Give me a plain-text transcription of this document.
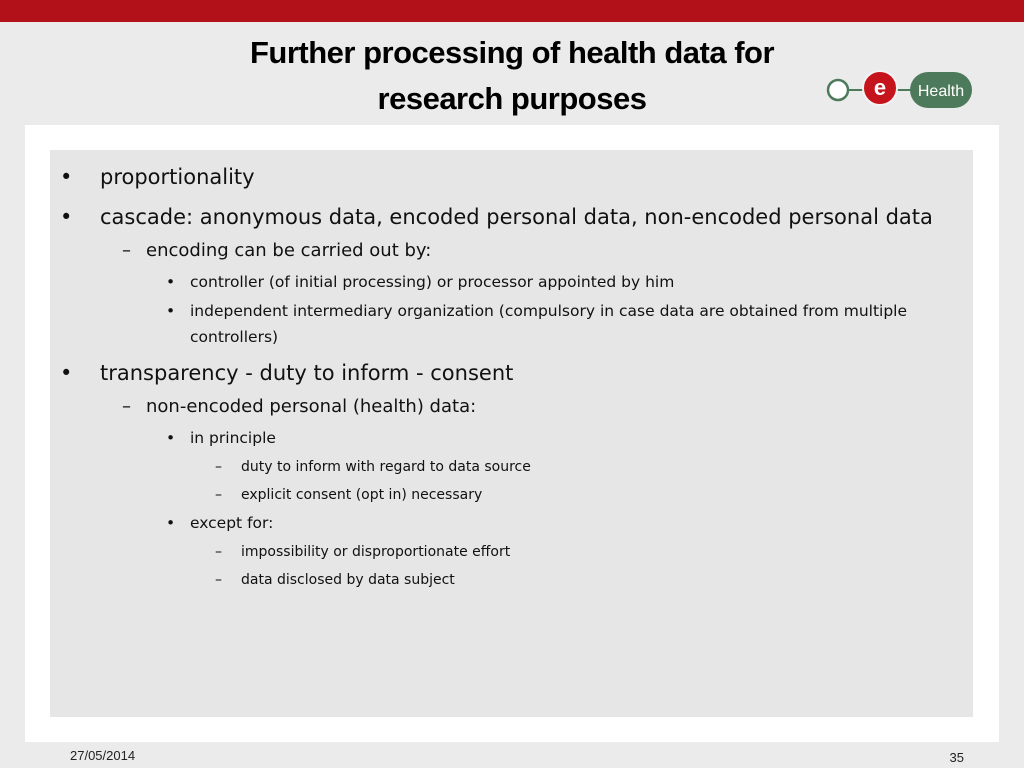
Further processing of health data for
research purposes	e Health
• proportionality
• cascade: anonymous data, encoded personal data, non-encoded personal data
– encoding can be carried out by:
• controller (of initial processing) or processor appointed by him
• independent intermediary organization (compulsory in case data are obtained from multiple controllers)
• transparency - duty to inform - consent
– non-encoded personal (health) data:
• in principle
– duty to inform with regard to data source
– explicit consent (opt in) necessary
• except for:
– impossibility or disproportionate effort
– data disclosed by data subject
27/05/2014	35
